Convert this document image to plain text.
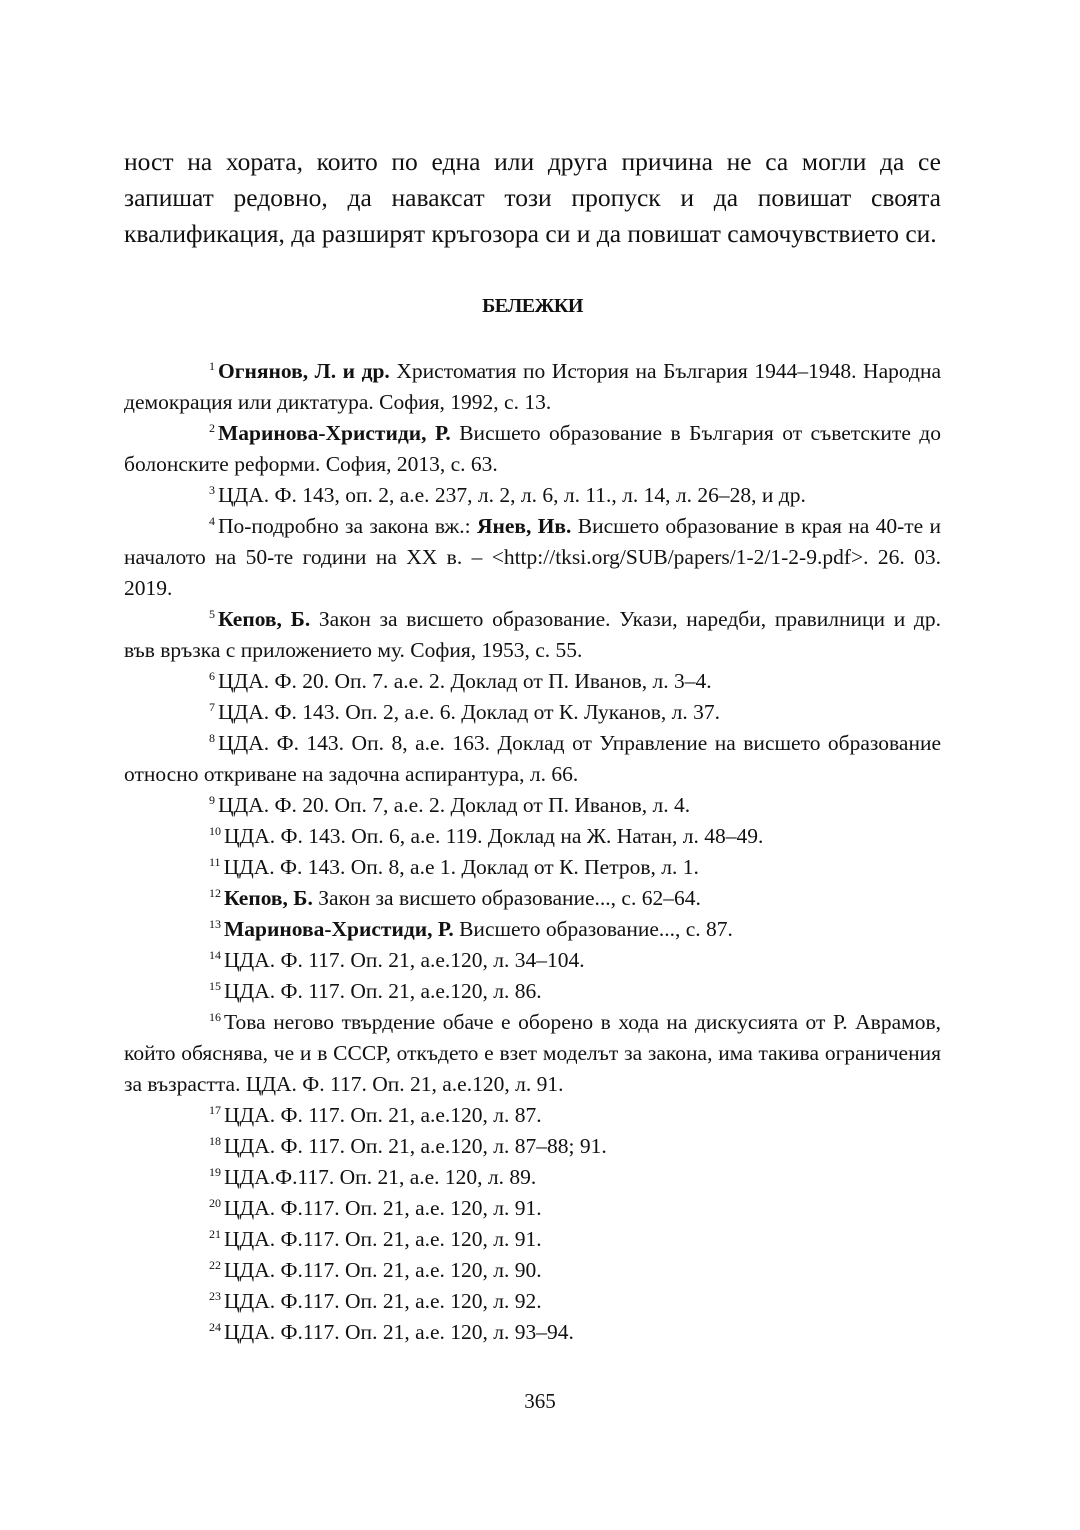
ност на хората, които по една или друга причина не са могли да се запишат редовно, да наваксат този пропуск и да повишат своята квалификация, да разширят кръгозора си и да повишат самочувствието си.

БЕЛЕЖКИ

$^1$ Огнянов, Л. и др. Христоматия по История на България 1944–1948. Народна демокрация или диктатура. София, 1992, с. 13.

$^2$ Маринова-Христиди, Р. Висшето образование в България от съветските до болонските реформи. София, 2013, с. 63.

$^3$ ЦДА. Ф. 143, оп. 2, а.е. 237, л. 2, л. 6, л. 11., л. 14, л. 26–28, и др.

$^4$ По-подробно за закона вж.: Янев, Ив. Висшето образование в края на 40-те и началото на 50-те години на XX в. – <http://tksi.org/SUB/papers/1-2/1-2-9.pdf>. 26. 03. 2019.

$^5$ Кепов, Б. Закон за висшето образование. Укази, наредби, правилници и др. във връзка с приложението му. София, 1953, с. 55.

$^6$ ЦДА. Ф. 20. Оп. 7. а.е. 2. Доклад от П. Иванов, л. 3–4.

$^7$ ЦДА. Ф. 143. Оп. 2, а.е. 6. Доклад от К. Луканов, л. 37.

$^8$ ЦДА. Ф. 143. Оп. 8, а.е. 163. Доклад от Управление на висшето образование относно откриване на задочна аспирантура, л. 66.

$^9$ ЦДА. Ф. 20. Оп. 7, а.е. 2. Доклад от П. Иванов, л. 4.

$^{10}$ ЦДА. Ф. 143. Оп. 6, а.е. 119. Доклад на Ж. Натан, л. 48–49.

$^{11}$ ЦДА. Ф. 143. Оп. 8, а.е 1. Доклад от К. Петров, л. 1.

$^{12}$ Кепов, Б. Закон за висшето образование..., с. 62–64.

$^{13}$ Маринова-Христиди, Р. Висшето образование..., с. 87.

$^{14}$ ЦДА. Ф. 117. Оп. 21, а.е.120, л. 34–104.

$^{15}$ ЦДА. Ф. 117. Оп. 21, а.е.120, л. 86.

$^{16}$ Това негово твърдение обаче е оборено в хода на дискусията от Р. Аврамов, който обяснява, че и в СССР, откъдето е взет моделът за закона, има такива ограничения за възрастта. ЦДА. Ф. 117. Оп. 21, а.е.120, л. 91.

$^{17}$ ЦДА. Ф. 117. Оп. 21, а.е.120, л. 87.

$^{18}$ ЦДА. Ф. 117. Оп. 21, а.е.120, л. 87–88; 91.

$^{19}$ ЦДА.Ф.117. Оп. 21, а.е. 120, л. 89.

$^{20}$ ЦДА. Ф.117. Оп. 21, а.е. 120, л. 91.

$^{21}$ ЦДА. Ф.117. Оп. 21, а.е. 120, л. 91.

$^{22}$ ЦДА. Ф.117. Оп. 21, а.е. 120, л. 90.

$^{23}$ ЦДА. Ф.117. Оп. 21, а.е. 120, л. 92.

$^{24}$ ЦДА. Ф.117. Оп. 21, а.е. 120, л. 93–94.

365
